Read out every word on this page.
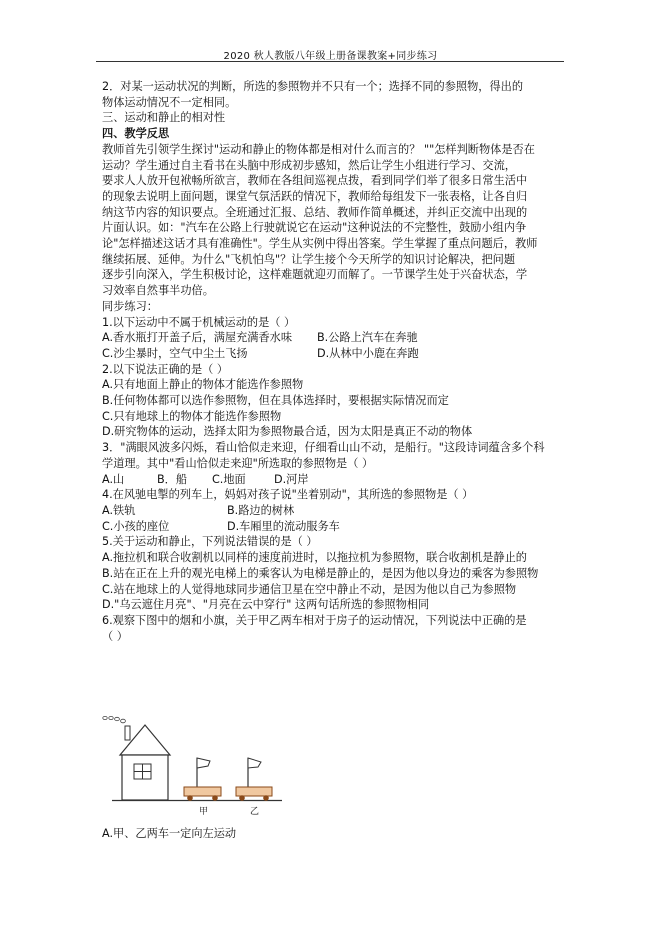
2020 秋人教版八年级上册备课教案+同步练习
2．对某一运动状况的判断，所选的参照物并不只有一个；选择不同的参照物，得出的
物体运动情况不一定相同。
三、运动和静止的相对性
四、教学反思
教师首先引领学生探讨"运动和静止的物体都是相对什么而言的？ ""怎样判断物体是否在
运动？学生通过自主看书在头脑中形成初步感知，然后让学生小组进行学习、交流，
要求人人放开包袱畅所欲言，教师在各组间巡视点拨，看到同学们举了很多日常生活中
的现象去说明上面问题，课堂气氛活跃的情况下，教师给每组发下一张表格，让各自归
纳这节内容的知识要点。全班通过汇报、总结、教师作简单概述，并纠正交流中出现的
片面认识。如："汽车在公路上行驶就说它在运动"这种说法的不完整性，鼓励小组内争
论"怎样描述这话才具有准确性"。学生从实例中得出答案。学生掌握了重点问题后，教师
继续拓展、延伸。为什么"飞机怕鸟"？让学生接个今天所学的知识讨论解决，把问题
逐步引向深入，学生积极讨论，这样难题就迎刃而解了。一节课学生处于兴奋状态，学
习效率自然事半功倍。
同步练习：
1.以下运动中不属于机械运动的是（ ）
A.香水瓶打开盖子后，满屋充满香水味	B.公路上汽车在奔驰
C.沙尘暴时，空气中尘土飞扬	D.从林中小鹿在奔跑
2.以下说法正确的是（ ）
A.只有地面上静止的物体才能选作参照物
B.任何物体都可以选作参照物，但在具体选择时，要根据实际情况而定
C.只有地球上的物体才能选作参照物
D.研究物体的运动，选择太阳为参照物最合适，因为太阳是真正不动的物体
3．"满眼风波多闪烁，看山恰似走来迎，仔细看山山不动，是船行。"这段诗词蕴含多个科
学道理。其中"看山恰似走来迎"所选取的参照物是（ ）
A.山	B．船	C.地面	D.河岸
4.在风驰电掣的列车上，妈妈对孩子说"坐着别动"，其所选的参照物是（ ）
A.铁轨	B.路边的树林
C.小孩的座位	D.车厢里的流动服务车
5.关于运动和静止，下列说法错误的是（ ）
A.拖拉机和联合收割机以同样的速度前进时，以拖拉机为参照物，联合收割机是静止的
B.站在正在上升的观光电梯上的乘客认为电梯是静止的，是因为他以身边的乘客为参照物
C.站在地球上的人觉得地球同步通信卫星在空中静止不动，是因为他以自己为参照物
D."乌云遮住月亮"、"月亮在云中穿行" 这两句话所选的参照物相同
6.观察下图中的烟和小旗，关于甲乙两车相对于房子的运动情况，下列说法中正确的是
（ ）
甲	乙
A.甲、乙两车一定向左运动
